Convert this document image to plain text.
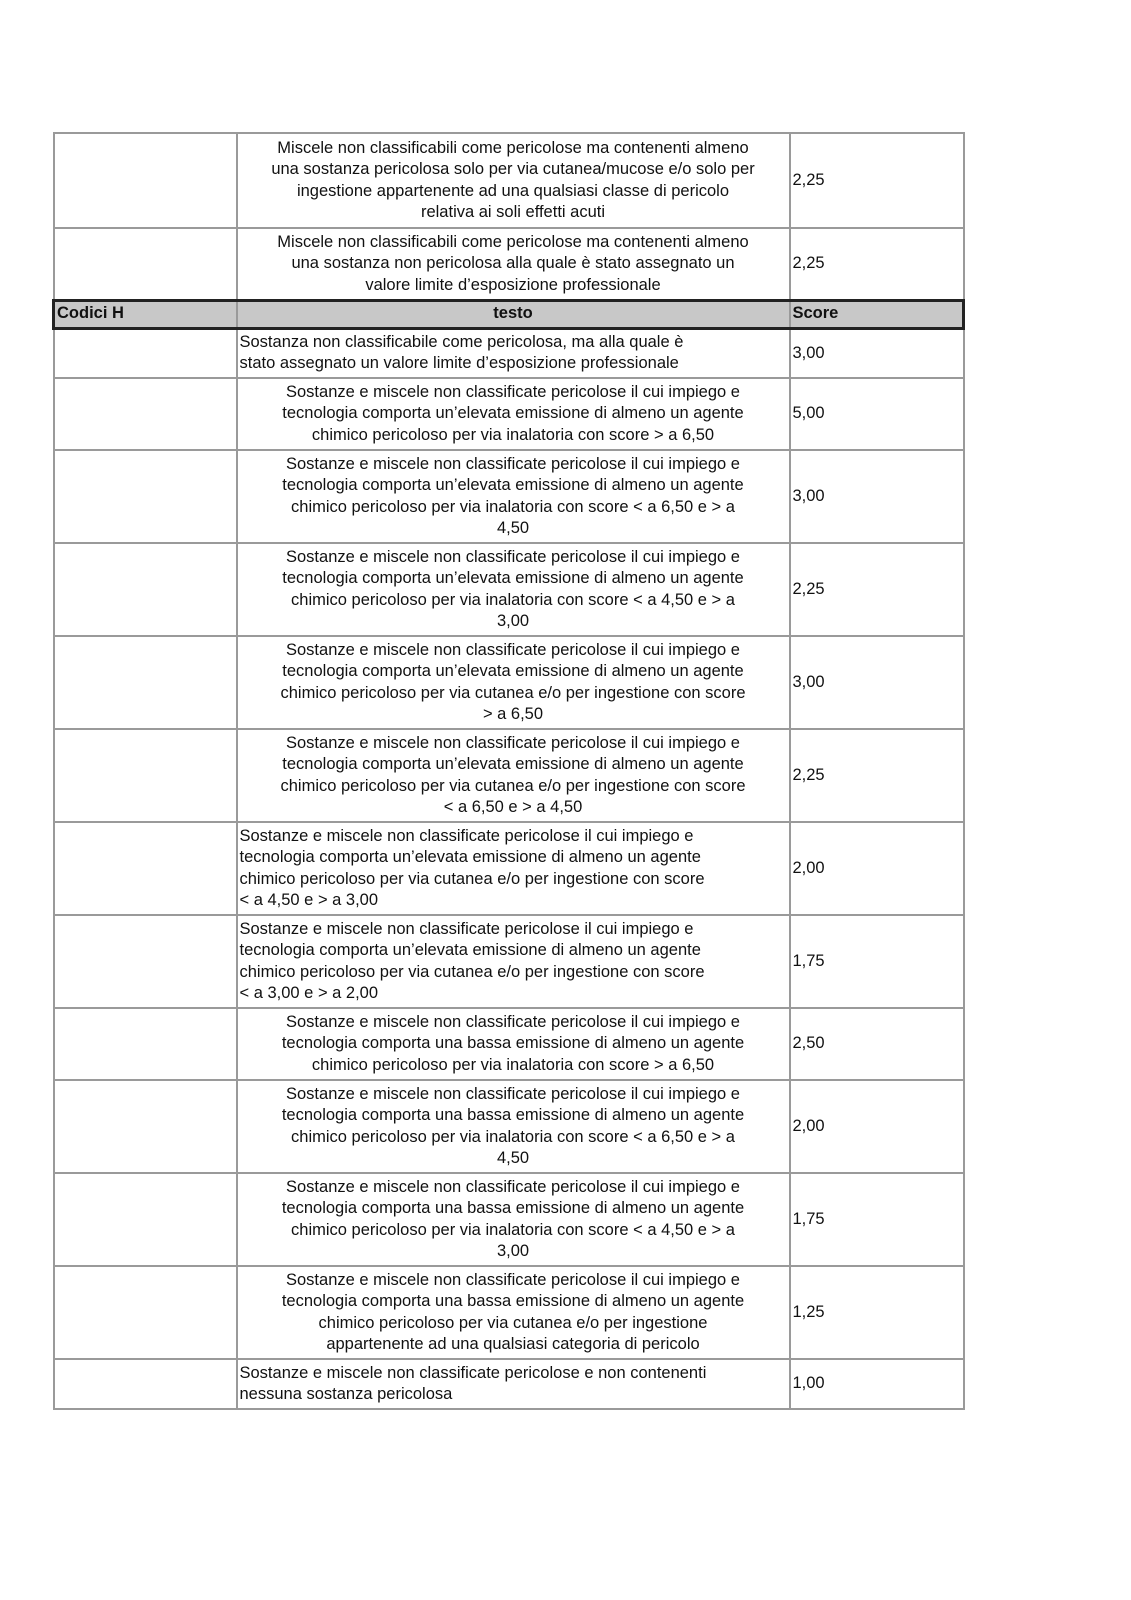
	Miscele non classificabili come pericolose ma contenenti almeno
una sostanza pericolosa solo per via cutanea/mucose e/o solo per
ingestione appartenente ad una qualsiasi classe di pericolo
relativa ai soli effetti acuti	2,25
	Miscele non classificabili come pericolose ma contenenti almeno
una sostanza non pericolosa alla quale è stato assegnato un
valore limite d’esposizione professionale	2,25
Codici H	testo	Score
	Sostanza non classificabile come pericolosa, ma alla quale è
stato assegnato un valore limite d’esposizione professionale	3,00
	Sostanze e miscele non classificate pericolose il cui impiego e
tecnologia comporta un’elevata emissione di almeno un agente
chimico pericoloso per via inalatoria con score > a 6,50	5,00
	Sostanze e miscele non classificate pericolose il cui impiego e
tecnologia comporta un’elevata emissione di almeno un agente
chimico pericoloso per via inalatoria con score < a 6,50 e > a
4,50	3,00
	Sostanze e miscele non classificate pericolose il cui impiego e
tecnologia comporta un’elevata emissione di almeno un agente
chimico pericoloso per via inalatoria con score < a 4,50 e > a
3,00	2,25
	Sostanze e miscele non classificate pericolose il cui impiego e
tecnologia comporta un’elevata emissione di almeno un agente
chimico pericoloso per via cutanea e/o per ingestione con score
> a 6,50	3,00
	Sostanze e miscele non classificate pericolose il cui impiego e
tecnologia comporta un’elevata emissione di almeno un agente
chimico pericoloso per via cutanea e/o per ingestione con score
< a 6,50 e > a 4,50	2,25
	Sostanze e miscele non classificate pericolose il cui impiego e
tecnologia comporta un’elevata emissione di almeno un agente
chimico pericoloso per via cutanea e/o per ingestione con score
< a 4,50 e > a 3,00	2,00
	Sostanze e miscele non classificate pericolose il cui impiego e
tecnologia comporta un’elevata emissione di almeno un agente
chimico pericoloso per via cutanea e/o per ingestione con score
< a 3,00 e > a 2,00	1,75
	Sostanze e miscele non classificate pericolose il cui impiego e
tecnologia comporta una bassa emissione di almeno un agente
chimico pericoloso per via inalatoria con score > a 6,50	2,50
	Sostanze e miscele non classificate pericolose il cui impiego e
tecnologia comporta una bassa emissione di almeno un agente
chimico pericoloso per via inalatoria con score < a 6,50 e > a
4,50	2,00
	Sostanze e miscele non classificate pericolose il cui impiego e
tecnologia comporta una bassa emissione di almeno un agente
chimico pericoloso per via inalatoria con score < a 4,50 e > a
3,00	1,75
	Sostanze e miscele non classificate pericolose il cui impiego e
tecnologia comporta una bassa emissione di almeno un agente
chimico pericoloso per via cutanea e/o per ingestione
appartenente ad una qualsiasi categoria di pericolo	1,25
	Sostanze e miscele non classificate pericolose e non contenenti
nessuna sostanza pericolosa	1,00
